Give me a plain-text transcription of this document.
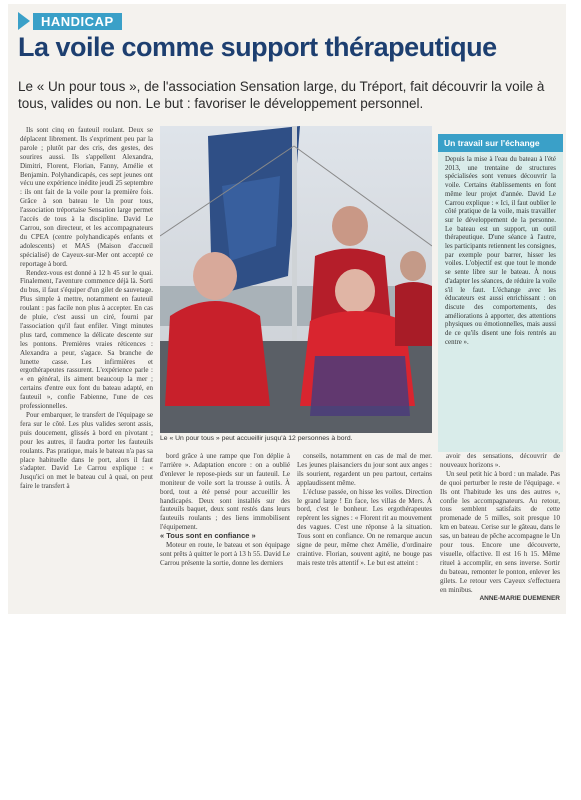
HANDICAP
La voile comme support thérapeutique
Le « Un pour tous », de l'association Sensation large, du Tréport, fait découvrir la voile à tous, valides ou non. Le but : favoriser le développement personnel.

Ils sont cinq en fauteuil roulant. Deux se déplacent librement. Ils s'expriment peu par la parole ; plutôt par des cris, des gestes, des sourires aussi. Ils s'appellent Alexandra, Dimitri, Florent, Florian, Fanny, Amélie et Benjamin. Polyhandicapés, ces sept jeunes ont vécu une expérience inédite jeudi 25 septembre : ils ont fait de la voile pour la première fois. Grâce à son bateau le Un pour tous, l'association tréportaise Sensation large permet l'accès de tous à la discipline. David Le Carrou, son directeur, et les accompagnateurs du CPEA (centre polyhandicapés enfants et adolescents) et MAS (Maison d'accueil spécialisé) de Cayeux-sur-Mer ont accepté ce reportage à bord.

Rendez-vous est donné à 12 h 45 sur le quai. Finalement, l'aventure commence déjà là. Sorti du bus, il faut s'équiper d'un gilet de sauvetage. Plus simple à mettre, notamment en fauteuil roulant : pas facile non plus à accepter. En cas de pluie, c'est aussi un ciré, fourni par l'association qu'il faut enfiler. Vingt minutes plus tard, commence la délicate descente sur les pontons. Premières vraies réticences : Alexandra a peur, s'agace. Sa branche de lunette casse. Les infirmières et ergothérapeutes rassurent. L'expérience parle : « en général, ils aiment beaucoup la mer ; certains d'entre eux font du bateau adapté, en fauteuil », confie Fabienne, l'une de ces professionnelles.

Pour embarquer, le transfert de l'équipage se fera sur le côté. Les plus valides seront assis, puis doucement, glissés à bord en pivotant ; pour les autres, il faudra porter les fauteuils roulants. Pas pratique, mais le bateau n'a pas sa place habituelle dans le port, alors il faut s'adapter. David Le Carrou explique : « Jusqu'ici on met le bateau cul à quai, on peut faire le transfert à

Le « Un pour tous » peut accueillir jusqu'à 12 personnes à bord.

bord grâce à une rampe que l'on déplie à l'arrière ». Adaptation encore : on a oublié d'enlever le repose-pieds sur un fauteuil. Le moniteur de voile sort la trousse à outils. À bord, tout a été pensé pour accueillir les handicapés. Deux sont installés sur des fauteuils baquet, deux sont restés dans leurs fauteuils roulants ; des liens immobilisent l'équipement.

« Tous sont en confiance »

Moteur en route, le bateau et son équipage sont prêts à quitter le port à 13 h 55. David Le Carrou présente la sortie, donne les derniers

conseils, notamment en cas de mal de mer. Les jeunes plaisanciers du jour sont aux anges : ils sourient, regardent un peu partout, certains applaudissent même.

L'écluse passée, on hisse les voiles. Direction le grand large ! En face, les villas de Mers. À bord, c'est le bonheur. Les ergothérapeutes repèrent les signes : « Florent rit au mouvement des vagues. C'est une réponse à la situation. Tous sont en confiance. On ne remarque aucun signe de peur, même chez Amélie, d'ordinaire craintive. Florian, souvent agité, ne bouge pas mais reste très attentif ». Le but est atteint :

avoir des sensations, découvrir de nouveaux horizons ».

Un seul petit hic à bord : un malade. Pas de quoi perturber le reste de l'équipage. « Ils ont l'habitude les uns des autres », confie les accompagnateurs. Au retour, tous semblent satisfaits de cette promenade de 5 milles, soit presque 10 km en bateau. Cerise sur le gâteau, dans le sas, un bateau de pêche accompagne le Un pour tous. Encore une découverte, visuelle, olfactive. Il est 16 h 15. Même rituel à accomplir, en sens inverse. Sortir du bateau, remonter le ponton, enlever les gilets. Le retour vers Cayeux s'effectuera en minibus.

ANNE-MARIE DUEMENER

Un travail sur l'échange
Depuis la mise à l'eau du bateau à l'été 2013, une trentaine de structures spécialisées sont venues découvrir la voile. Certains établissements en font même leur projet d'année. David Le Carrou explique : « Ici, il faut oublier le côté pratique de la voile, mais travailler sur le développement de la personne. Le bateau est un support, un outil thérapeutique. D'une séance à l'autre, les participants retiennent les consignes, par exemple pour barrer, hisser les voiles. L'objectif est que tout le monde se sente libre sur le bateau. À nous d'adapter les séances, de réduire la voile s'il le faut. L'échange avec les éducateurs est aussi enrichissant : on discute des comportements, des améliorations à apporter, des attentions physiques ou émotionnelles, mais aussi de ce qu'ils disent une fois rentrés au centre ».
